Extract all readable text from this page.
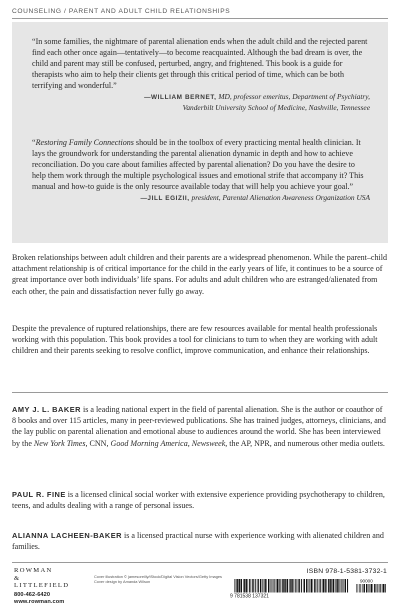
COUNSELING / PARENT AND ADULT CHILD RELATIONSHIPS

“In some families, the nightmare of parental alienation ends when the adult child and the rejected parent find each other once again—tentatively—to become reacquainted. Although the bad dream is over, the child and parent may still be confused, perturbed, angry, and frightened. This book is a guide for therapists who aim to help their clients get through this critical period of time, which can be both terrifying and wonderful.”

—WILLIAM BERNET, MD, professor emeritus, Department of Psychiatry,
Vanderbilt University School of Medicine, Nashville, Tennessee

“Restoring Family Connections should be in the toolbox of every practicing mental health clinician. It lays the groundwork for understanding the parental alienation dynamic in depth and how to achieve reconciliation. Do you care about families affected by parental alienation? Do you have the desire to help them work through the multiple psychological issues and emotional strife that accompany it? This manual and how-to guide is the only resource available today that will help you achieve your goal.”

—JILL EGIZII, president, Parental Alienation Awareness Organization USA

Broken relationships between adult children and their parents are a widespread phenomenon. While the parent–child attachment relationship is of critical importance for the child in the early years of life, it continues to be a source of great importance over both individuals’ life spans. For adults and adult children who are estranged/alienated from each other, the pain and dissatisfaction never fully go away.

Despite the prevalence of ruptured relationships, there are few resources available for mental health professionals working with this population. This book provides a tool for clinicians to turn to when they are working with adult children and their parents seeking to resolve conflict, improve communication, and enhance their relationships.

AMY J. L. BAKER is a leading national expert in the field of parental alienation. She is the author or coauthor of 8 books and over 115 articles, many in peer-reviewed publications. She has trained judges, attorneys, clinicians, and the lay public on parental alienation and emotional abuse to audiences around the world. She has been interviewed by the New York Times, CNN, Good Morning America, Newsweek, the AP, NPR, and numerous other media outlets.

PAUL R. FINE is a licensed clinical social worker with extensive experience providing psychotherapy to children, teens, and adults dealing with a range of personal issues.

ALIANNA LACHEEN-BAKER is a licensed practical nurse with experience working with alienated children and families.

ROWMAN
&
LITTLEFIELD
800-462-6420
www.rowman.com
Cover illustration © jamesoreilly/iStock/Digital Vision Vectors/Getty Images
Cover design by Amanda Wilson
ISBN 978-1-5381-3732-1
9 781538 137321
90000
